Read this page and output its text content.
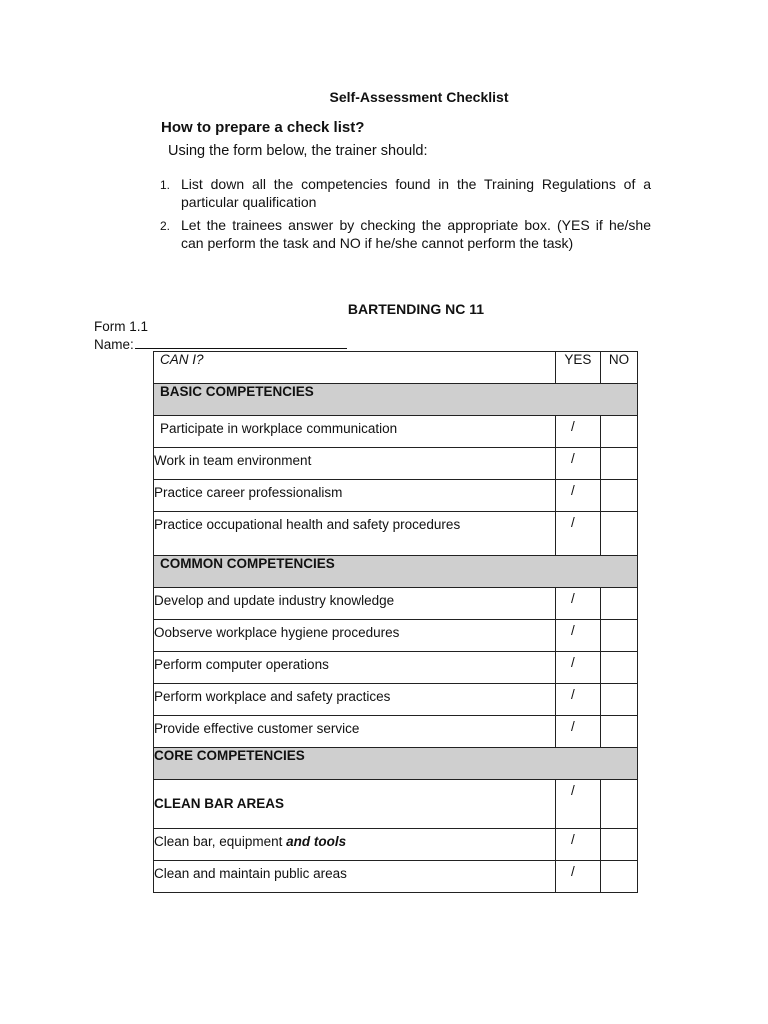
Self-Assessment Checklist
How to prepare a check list?
Using the form below, the trainer should:
1. List down all the competencies found in the Training Regulations of a particular qualification
2. Let the trainees answer by checking the appropriate box. (YES if he/she can perform the task and NO if he/she cannot perform the task)
BARTENDING NC 11
Form 1.1
Name:
CAN I?	YES	NO
BASIC COMPETENCIES		

Participate in workplace communication	/	

Work in team environment	/	

Practice career professionalism	/	

Practice occupational health and safety procedures	/	

COMMON COMPETENCIES		

Develop and update industry knowledge	/	

Oobserve workplace hygiene procedures	/	

Perform computer operations	/	

Perform workplace and safety practices	/	

Provide effective customer service	/	

CORE COMPETENCIES		

CLEAN BAR AREAS	/	

Clean bar, equipment and tools	/	

Clean and maintain public areas	/	
